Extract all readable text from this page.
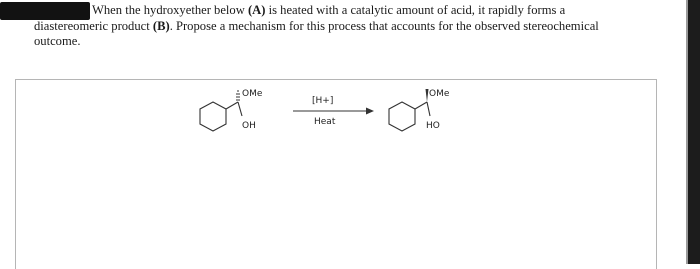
When the hydroxyether below (A) is heated with a catalytic amount of acid, it rapidly forms a
diastereomeric product (B). Propose a mechanism for this process that accounts for the observed stereochemical
outcome.
OMe
OH
[H+]
Heat
OMe
HO
